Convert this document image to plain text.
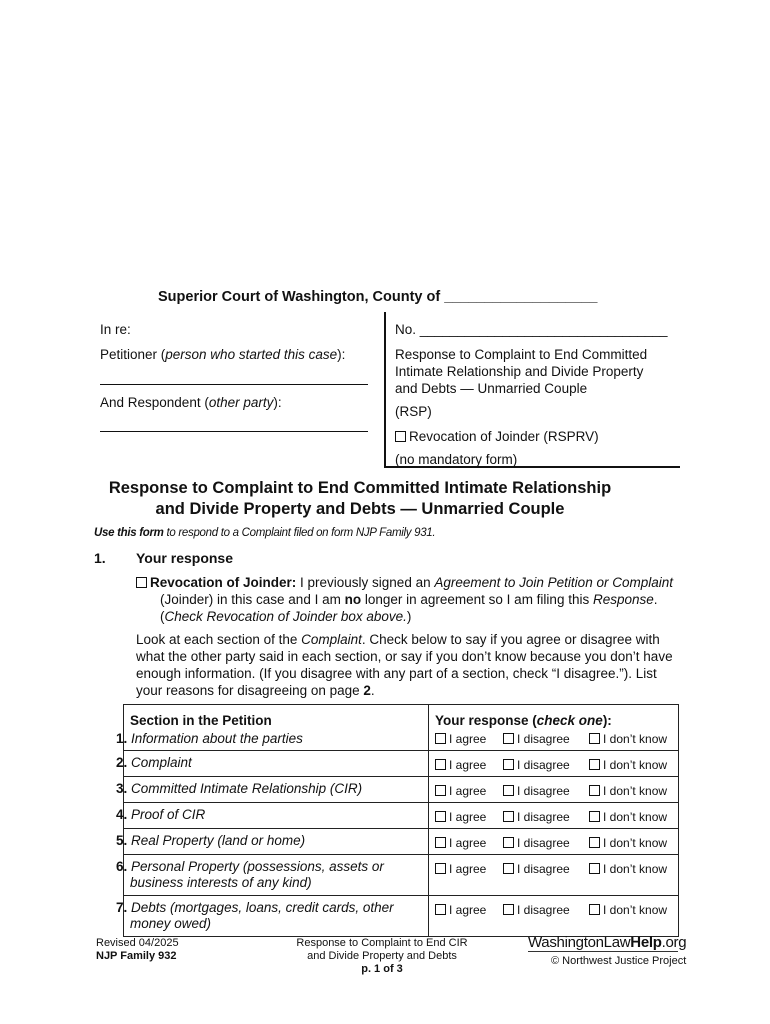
Superior Court of Washington, County of ___________________
In re:
Petitioner (person who started this case):
And Respondent (other party):
No. _________________________________
Response to Complaint to End Committed Intimate Relationship and Divide Property and Debts — Unmarried Couple
(RSP)
Revocation of Joinder (RSPRV)
(no mandatory form)
Response to Complaint to End Committed Intimate Relationship
and Divide Property and Debts — Unmarried Couple
Use this form to respond to a Complaint filed on form NJP Family 931.
1. Your response
Revocation of Joinder: I previously signed an Agreement to Join Petition or Complaint (Joinder) in this case and I am no longer in agreement so I am filing this Response. (Check Revocation of Joinder box above.)
Look at each section of the Complaint. Check below to say if you agree or disagree with what the other party said in each section, or say if you don’t know because you don’t have enough information. (If you disagree with any part of a section, check “I disagree.”). List your reasons for disagreeing on page 2.
Section in the Petition	Your response (check one):
1. Information about the parties	I agree I disagree I don’t know
2. Complaint	I agree I disagree I don’t know
3. Committed Intimate Relationship (CIR)	I agree I disagree I don’t know
4. Proof of CIR	I agree I disagree I don’t know
5. Real Property (land or home)	I agree I disagree I don’t know
6. Personal Property (possessions, assets or business interests of any kind)	I agree I disagree I don’t know
7. Debts (mortgages, loans, credit cards, other money owed)	I agree I disagree I don’t know
Revised 04/2025
NJP Family 932
Response to Complaint to End CIR
and Divide Property and Debts
p. 1 of 3
WashingtonLawHelp.org
© Northwest Justice Project
